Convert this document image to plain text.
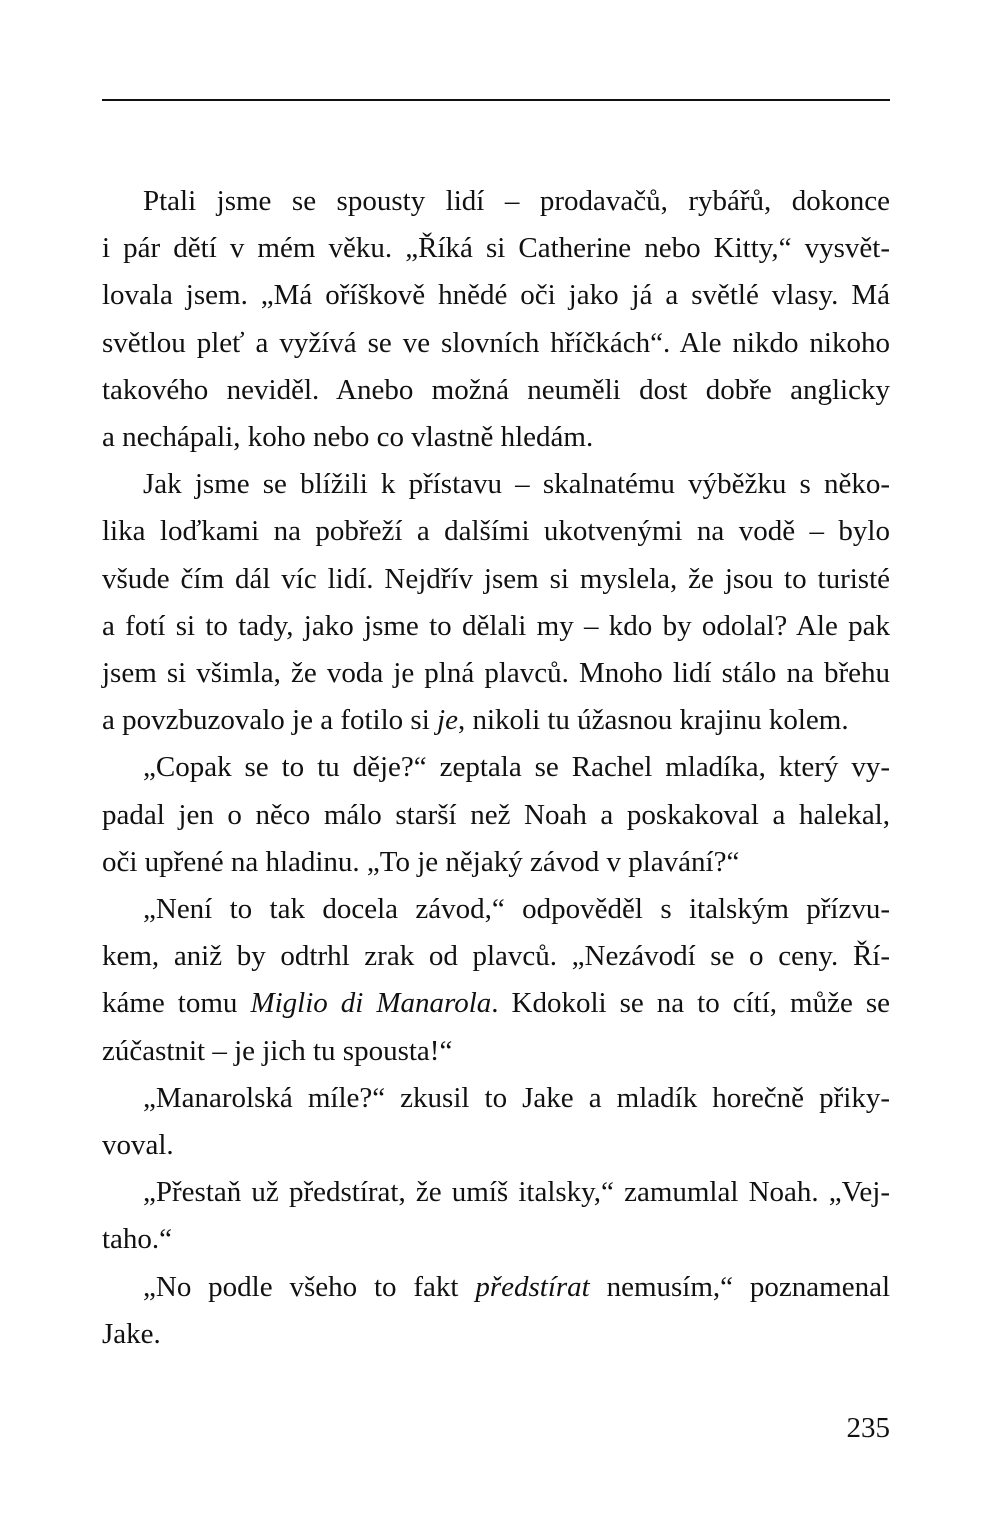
Ptali jsme se spousty lidí – prodavačů, rybářů, dokonce
i pár dětí v mém věku. „Říká si Catherine nebo Kitty,“ vysvět-
lovala jsem. „Má oříškově hnědé oči jako já a světlé vlasy. Má
světlou pleť a vyžívá se ve slovních hříčkách“. Ale nikdo nikoho
takového neviděl. Anebo možná neuměli dost dobře anglicky
a nechápali, koho nebo co vlastně hledám.

Jak jsme se blížili k přístavu – skalnatému výběžku s něko-
lika loďkami na pobřeží a dalšími ukotvenými na vodě – bylo
všude čím dál víc lidí. Nejdřív jsem si myslela, že jsou to turisté
a fotí si to tady, jako jsme to dělali my – kdo by odolal? Ale pak
jsem si všimla, že voda je plná plavců. Mnoho lidí stálo na břehu
a povzbuzovalo je a fotilo si je, nikoli tu úžasnou krajinu kolem.

„Copak se to tu děje?“ zeptala se Rachel mladíka, který vy-
padal jen o něco málo starší než Noah a poskakoval a halekal,
oči upřené na hladinu. „To je nějaký závod v plavání?“

„Není to tak docela závod,“ odpověděl s italským přízvu-
kem, aniž by odtrhl zrak od plavců. „Nezávodí se o ceny. Ří-
káme tomu Miglio di Manarola. Kdokoli se na to cítí, může se
zúčastnit – je jich tu spousta!“

„Manarolská míle?“ zkusil to Jake a mladík horečně přiky-
voval.

„Přestaň už předstírat, že umíš italsky,“ zamumlal Noah. „Vej-
taho.“

„No podle všeho to fakt předstírat nemusím,“ poznamenal
Jake.

235
